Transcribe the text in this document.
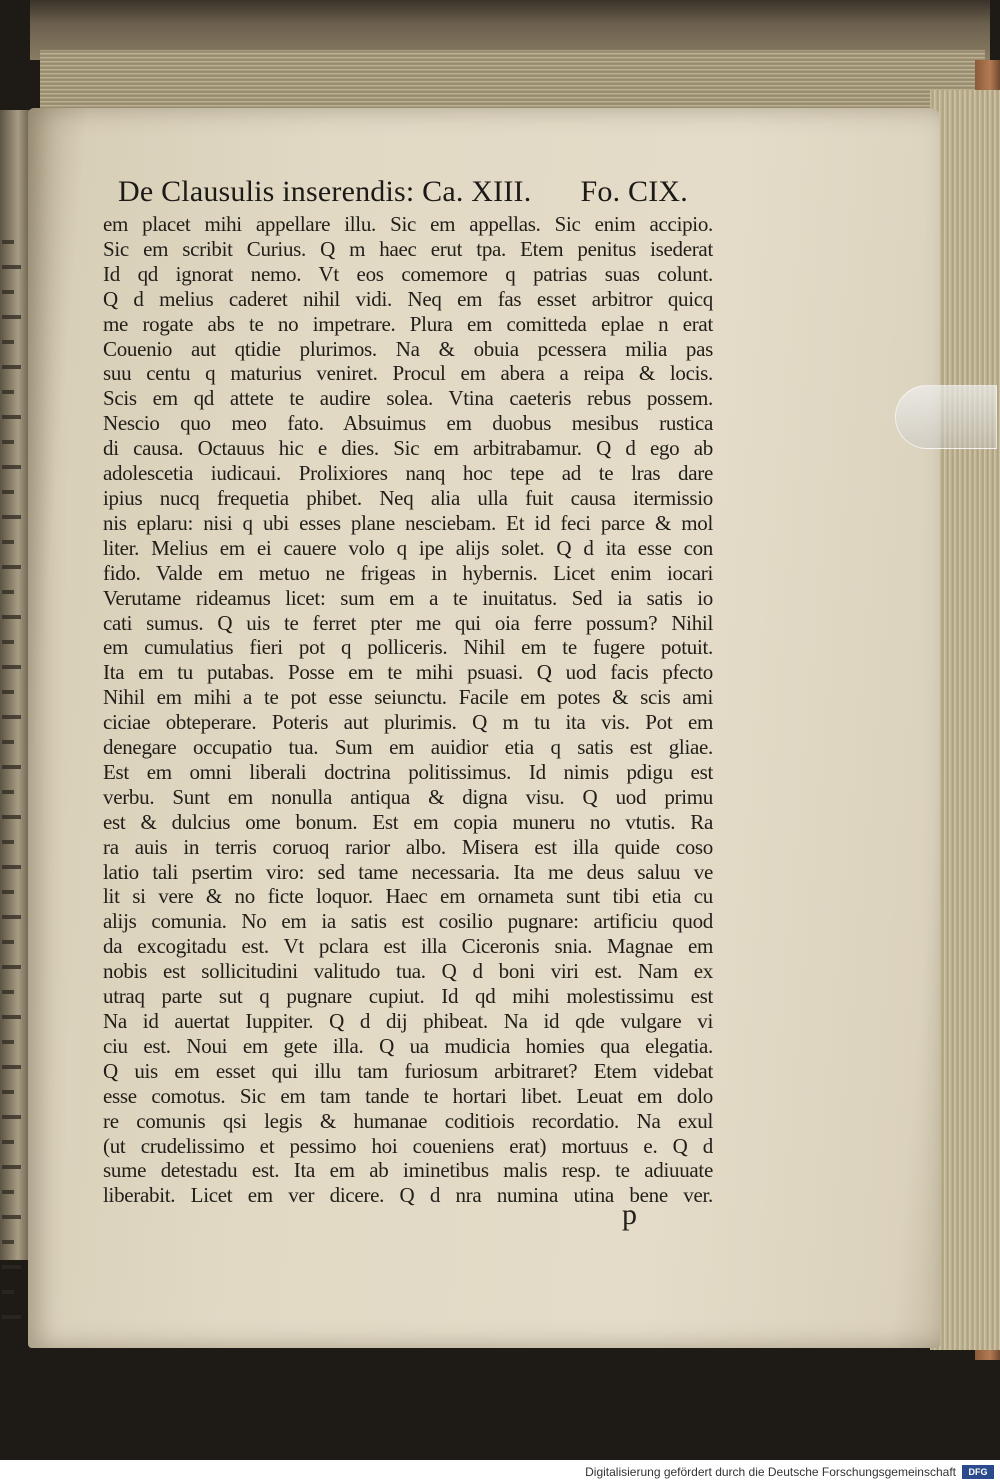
De Clausulis inserendis: Ca. XIII. Fo. CIX.
em placet mihi appellare illu. Sic em appellas. Sic enim accipio.
Sic em scribit Curius. Q m haec erut tpa. Etem penitus isederat
Id qd ignorat nemo. Vt eos comemore q patrias suas colunt.
Q d melius caderet nihil vidi. Neq em fas esset arbitror quicq
me rogate abs te no impetrare. Plura em comitteda eplae n erat
Couenio aut qtidie plurimos. Na & obuia pcessera milia pas
suu centu q maturius veniret. Procul em abera a reipa & locis.
Scis em qd attete te audire solea. Vtina caeteris rebus possem.
Nescio quo meo fato. Absuimus em duobus mesibus rustica
di causa. Octauus hic e dies. Sic em arbitrabamur. Q d ego ab
adolescetia iudicaui. Prolixiores nanq hoc tepe ad te lras dare
ipius nucq frequetia phibet. Neq alia ulla fuit causa itermissio
nis eplaru: nisi q ubi esses plane nesciebam. Et id feci parce & mol
liter. Melius em ei cauere volo q ipe alijs solet. Q d ita esse con
fido. Valde em metuo ne frigeas in hybernis. Licet enim iocari
Verutame rideamus licet: sum em a te inuitatus. Sed ia satis io
cati sumus. Q uis te ferret pter me qui oia ferre possum? Nihil
em cumulatius fieri pot q polliceris. Nihil em te fugere potuit.
Ita em tu putabas. Posse em te mihi psuasi. Q uod facis pfecto
Nihil em mihi a te pot esse seiunctu. Facile em potes & scis ami
ciciae obteperare. Poteris aut plurimis. Q m tu ita vis. Pot em
denegare occupatio tua. Sum em auidior etia q satis est gliae.
Est em omni liberali doctrina politissimus. Id nimis pdigu est
verbu. Sunt em nonulla antiqua & digna visu. Q uod primu
est & dulcius ome bonum. Est em copia muneru no vtutis. Ra
ra auis in terris coruoq rarior albo. Misera est illa quide coso
latio tali psertim viro: sed tame necessaria. Ita me deus saluu ve
lit si vere & no ficte loquor. Haec em ornameta sunt tibi etia cu
alijs comunia. No em ia satis est cosilio pugnare: artificiu quod
da excogitadu est. Vt pclara est illa Ciceronis snia. Magnae em
nobis est sollicitudini valitudo tua. Q d boni viri est. Nam ex
utraq parte sut q pugnare cupiut. Id qd mihi molestissimu est
Na id auertat Iuppiter. Q d dij phibeat. Na id qde vulgare vi
ciu est. Noui em gete illa. Q ua mudicia homies qua elegatia.
Q uis em esset qui illu tam furiosum arbitraret? Etem videbat
esse comotus. Sic em tam tande te hortari libet. Leuat em dolo
re comunis qsi legis & humanae coditiois recordatio. Na exul
(ut crudelissimo et pessimo hoi coueniens erat) mortuus e. Q d
sume detestadu est. Ita em ab iminetibus malis resp. te adiuuate
liberabit. Licet em ver dicere. Q d nra numina utina bene ver.
p
Digitalisierung gefördert durch die Deutsche Forschungsgemeinschaft	DFG
